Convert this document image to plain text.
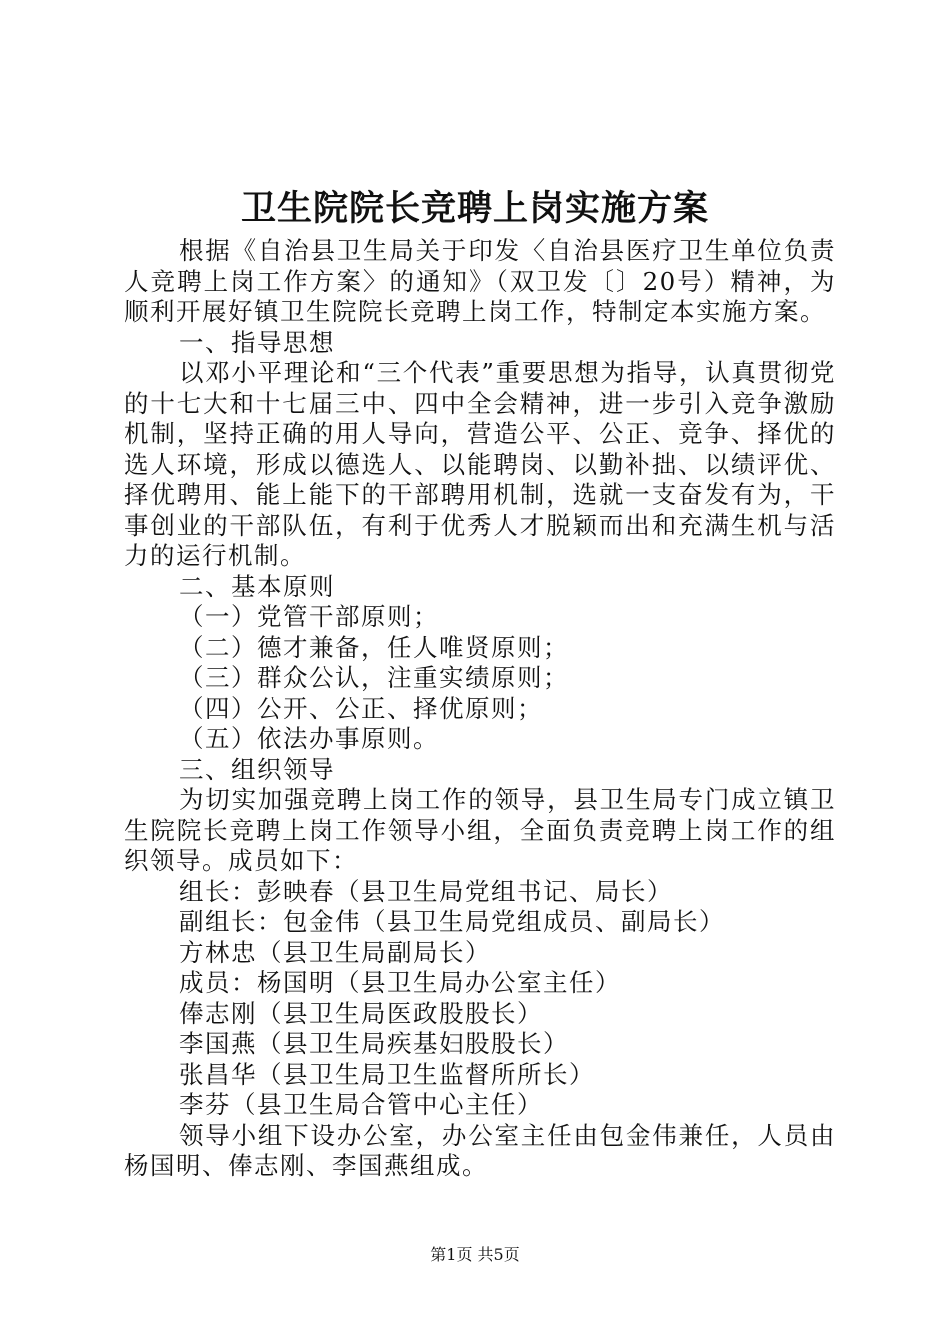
卫生院院长竞聘上岗实施方案

根据《自治县卫生局关于印发〈自治县医疗卫生单位负责人竞聘上岗工作方案〉的通知》（双卫发〔〕20号）精神，为顺利开展好镇卫生院院长竞聘上岗工作，特制定本实施方案。

一、指导思想

以邓小平理论和“三个代表”重要思想为指导，认真贯彻党的十七大和十七届三中、四中全会精神，进一步引入竞争激励机制，坚持正确的用人导向，营造公平、公正、竞争、择优的选人环境，形成以德选人、以能聘岗、以勤补拙、以绩评优、择优聘用、能上能下的干部聘用机制，选就一支奋发有为，干事创业的干部队伍，有利于优秀人才脱颖而出和充满生机与活力的运行机制。

二、基本原则

（一）党管干部原则；

（二）德才兼备，任人唯贤原则；

（三）群众公认，注重实绩原则；

（四）公开、公正、择优原则；

（五）依法办事原则。

三、组织领导

为切实加强竞聘上岗工作的领导，县卫生局专门成立镇卫生院院长竞聘上岗工作领导小组，全面负责竞聘上岗工作的组织领导。成员如下：

组长：彭映春（县卫生局党组书记、局长）

副组长：包金伟（县卫生局党组成员、副局长）

方林忠（县卫生局副局长）

成员：杨国明（县卫生局办公室主任）

俸志刚（县卫生局医政股股长）

李国燕（县卫生局疾基妇股股长）

张昌华（县卫生局卫生监督所所长）

李芬（县卫生局合管中心主任）

领导小组下设办公室，办公室主任由包金伟兼任，人员由杨国明、俸志刚、李国燕组成。

第1页 共5页
